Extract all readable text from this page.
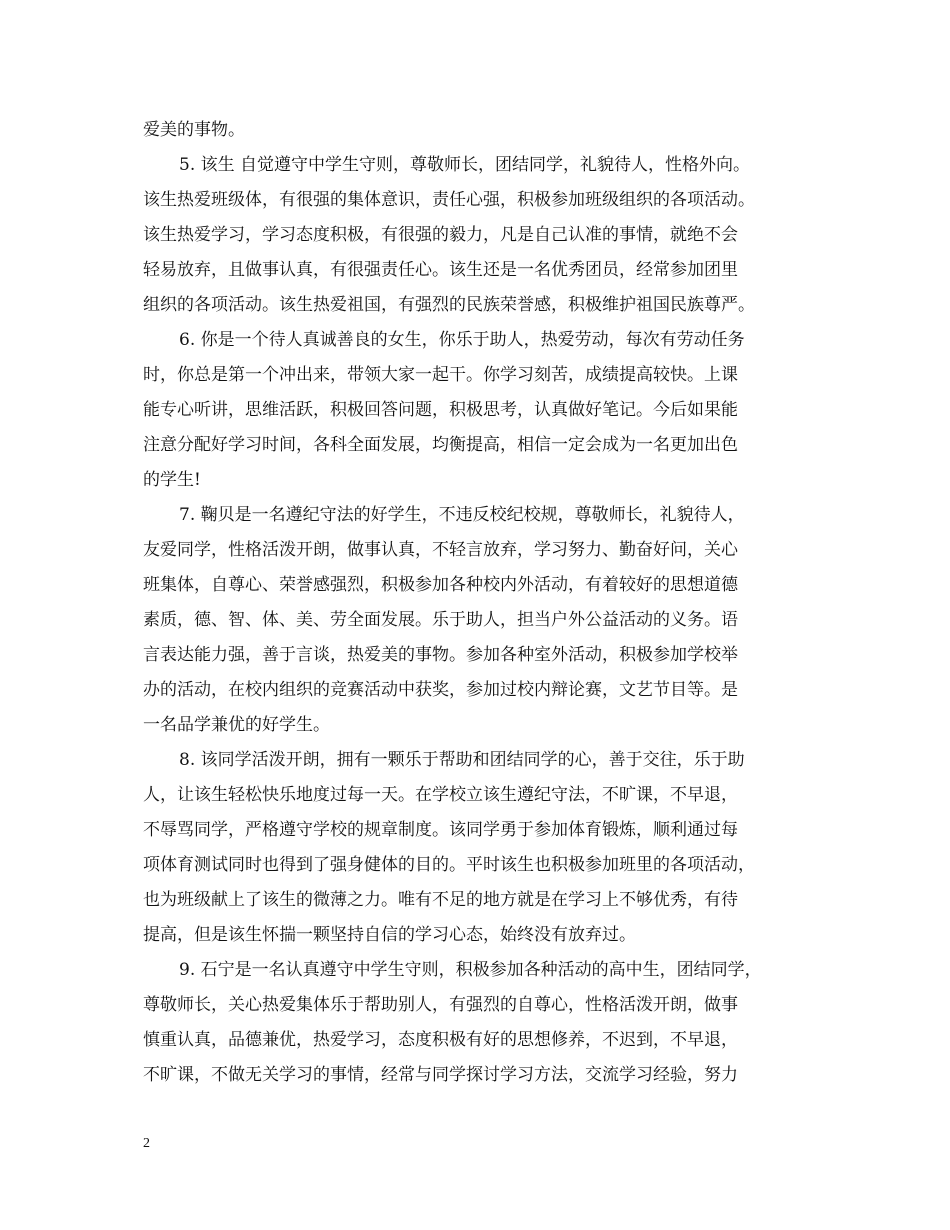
爱美的事物。
5. 该生 自觉遵守中学生守则，尊敬师长，团结同学，礼貌待人，性格外向。
该生热爱班级体，有很强的集体意识，责任心强，积极参加班级组织的各项活动。
该生热爱学习，学习态度积极，有很强的毅力，凡是自己认准的事情，就绝不会
轻易放弃，且做事认真，有很强责任心。该生还是一名优秀团员，经常参加团里
组织的各项活动。该生热爱祖国，有强烈的民族荣誉感，积极维护祖国民族尊严。
6. 你是一个待人真诚善良的女生，你乐于助人，热爱劳动，每次有劳动任务
时，你总是第一个冲出来，带领大家一起干。你学习刻苦，成绩提高较快。上课
能专心听讲，思维活跃，积极回答问题，积极思考，认真做好笔记。今后如果能
注意分配好学习时间，各科全面发展，均衡提高，相信一定会成为一名更加出色
的学生!
7. 鞠贝是一名遵纪守法的好学生，不违反校纪校规，尊敬师长，礼貌待人，
友爱同学，性格活泼开朗，做事认真，不轻言放弃，学习努力、勤奋好问，关心
班集体，自尊心、荣誉感强烈，积极参加各种校内外活动，有着较好的思想道德
素质，德、智、体、美、劳全面发展。乐于助人，担当户外公益活动的义务。语
言表达能力强，善于言谈，热爱美的事物。参加各种室外活动，积极参加学校举
办的活动，在校内组织的竞赛活动中获奖，参加过校内辩论赛，文艺节目等。是
一名品学兼优的好学生。
8. 该同学活泼开朗，拥有一颗乐于帮助和团结同学的心，善于交往，乐于助
人，让该生轻松快乐地度过每一天。在学校立该生遵纪守法，不旷课，不早退，
不辱骂同学，严格遵守学校的规章制度。该同学勇于参加体育锻炼，顺利通过每
项体育测试同时也得到了强身健体的目的。平时该生也积极参加班里的各项活动，
也为班级献上了该生的微薄之力。唯有不足的地方就是在学习上不够优秀，有待
提高，但是该生怀揣一颗坚持自信的学习心态，始终没有放弃过。
9. 石宁是一名认真遵守中学生守则，积极参加各种活动的高中生，团结同学，
尊敬师长，关心热爱集体乐于帮助别人，有强烈的自尊心，性格活泼开朗，做事
慎重认真，品德兼优，热爱学习，态度积极有好的思想修养，不迟到，不早退，
不旷课，不做无关学习的事情，经常与同学探讨学习方法，交流学习经验，努力
2
